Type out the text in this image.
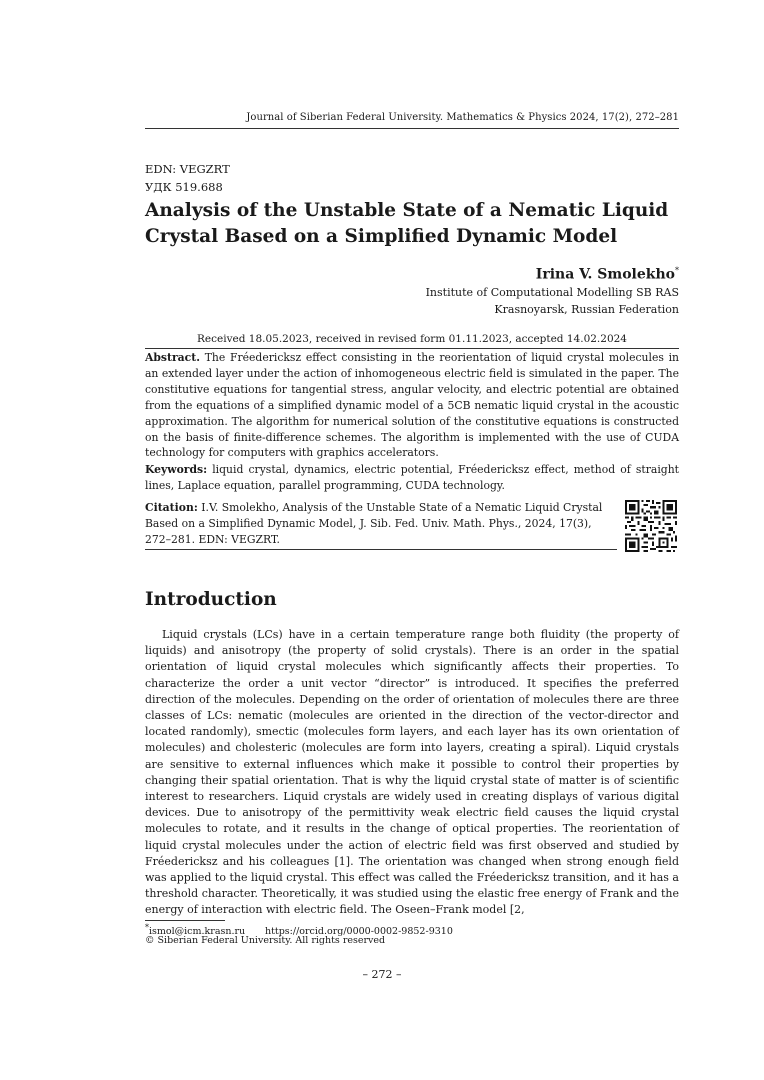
Journal of Siberian Federal University. Mathematics & Physics 2024, 17(2), 272–281
EDN: VEGZRT
УДК 519.688
Analysis of the Unstable State of a Nematic Liquid Crystal Based on a Simplified Dynamic Model
Irina V. Smolekho*
Institute of Computational Modelling SB RAS
Krasnoyarsk, Russian Federation
Received 18.05.2023, received in revised form 01.11.2023, accepted 14.02.2024
Abstract. The Fréedericksz effect consisting in the reorientation of liquid crystal molecules in an extended layer under the action of inhomogeneous electric field is simulated in the paper. The constitutive equations for tangential stress, angular velocity, and electric potential are obtained from the equations of a simplified dynamic model of a 5CB nematic liquid crystal in the acoustic approximation. The algorithm for numerical solution of the constitutive equations is constructed on the basis of finite-difference schemes. The algorithm is implemented with the use of CUDA technology for computers with graphics accelerators.
Keywords: liquid crystal, dynamics, electric potential, Fréedericksz effect, method of straight lines, Laplace equation, parallel programming, CUDA technology.
Citation: I.V. Smolekho, Analysis of the Unstable State of a Nematic Liquid Crystal Based on a Simplified Dynamic Model, J. Sib. Fed. Univ. Math. Phys., 2024, 17(3), 272–281. EDN: VEGZRT.
Introduction

Liquid crystals (LCs) have in a certain temperature range both fluidity (the property of liquids) and anisotropy (the property of solid crystals). There is an order in the spatial orientation of liquid crystal molecules which significantly affects their properties. To characterize the order a unit vector “director” is introduced. It specifies the preferred direction of the molecules. Depending on the order of orientation of molecules there are three classes of LCs: nematic (molecules are oriented in the direction of the vector-director and located randomly), smectic (molecules form layers, and each layer has its own orientation of molecules) and cholesteric (molecules are form into layers, creating a spiral). Liquid crystals are sensitive to external influences which make it possible to control their properties by changing their spatial orientation. That is why the liquid crystal state of matter is of scientific interest to researchers. Liquid crystals are widely used in creating displays of various digital devices. Due to anisotropy of the permittivity weak electric field causes the liquid crystal molecules to rotate, and it results in the change of optical properties. The reorientation of liquid crystal molecules under the action of electric field was first observed and studied by Fréedericksz and his colleagues [1]. The orientation was changed when strong enough field was applied to the liquid crystal. This effect was called the Fréedericksz transition, and it has a threshold character. Theoretically, it was studied using the elastic free energy of Frank and the energy of interaction with electric field. The Oseen–Frank model [2,

*ismol@icm.krasn.ru https://orcid.org/0000-0002-9852-9310
© Siberian Federal University. All rights reserved
– 272 –
